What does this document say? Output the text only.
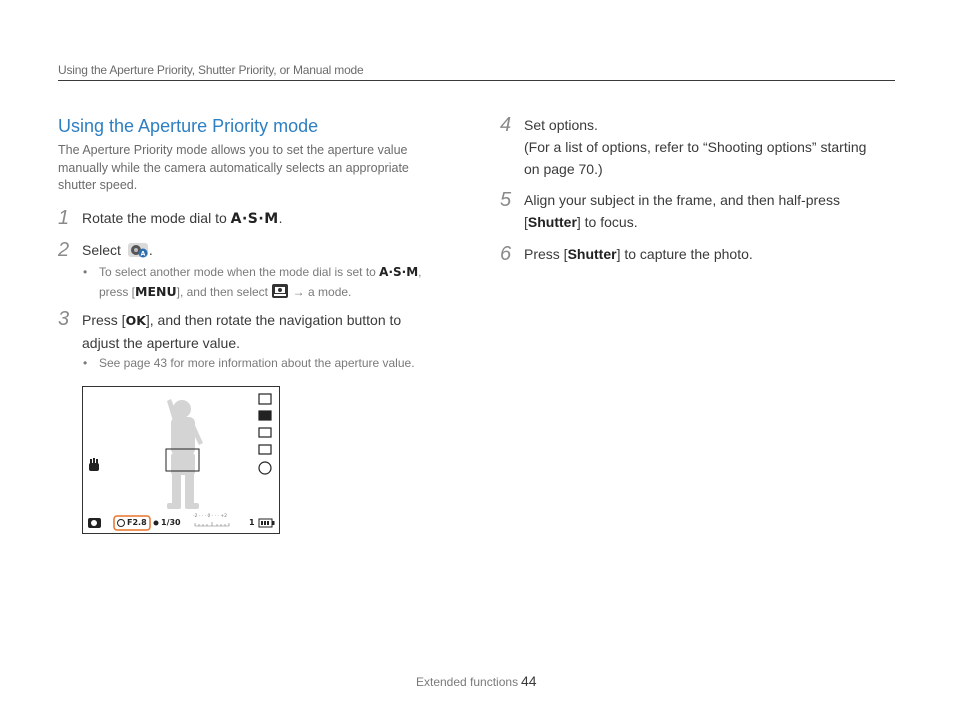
Using the Aperture Priority, Shutter Priority, or Manual mode
Using the Aperture Priority mode
The Aperture Priority mode allows you to set the aperture value manually while the camera automatically selects an appropriate shutter speed.
1 Rotate the mode dial to A·S·M.
2 Select	A .
• To select another mode when the mode dial is set to A·S·M,
press [MENU], and then select  → a mode.
3 Press [OK], and then rotate the navigation button to
adjust the aperture value.
• See page 43 for more information about the aperture value.
F2.8 1/30
-2 · · · 0 · · · +2
1
4 Set options.
(For a list of options, refer to “Shooting options” starting
on page 70.)
5 Align your subject in the frame, and then half-press
[Shutter] to focus.
6 Press [Shutter] to capture the photo.
Extended functions 44
